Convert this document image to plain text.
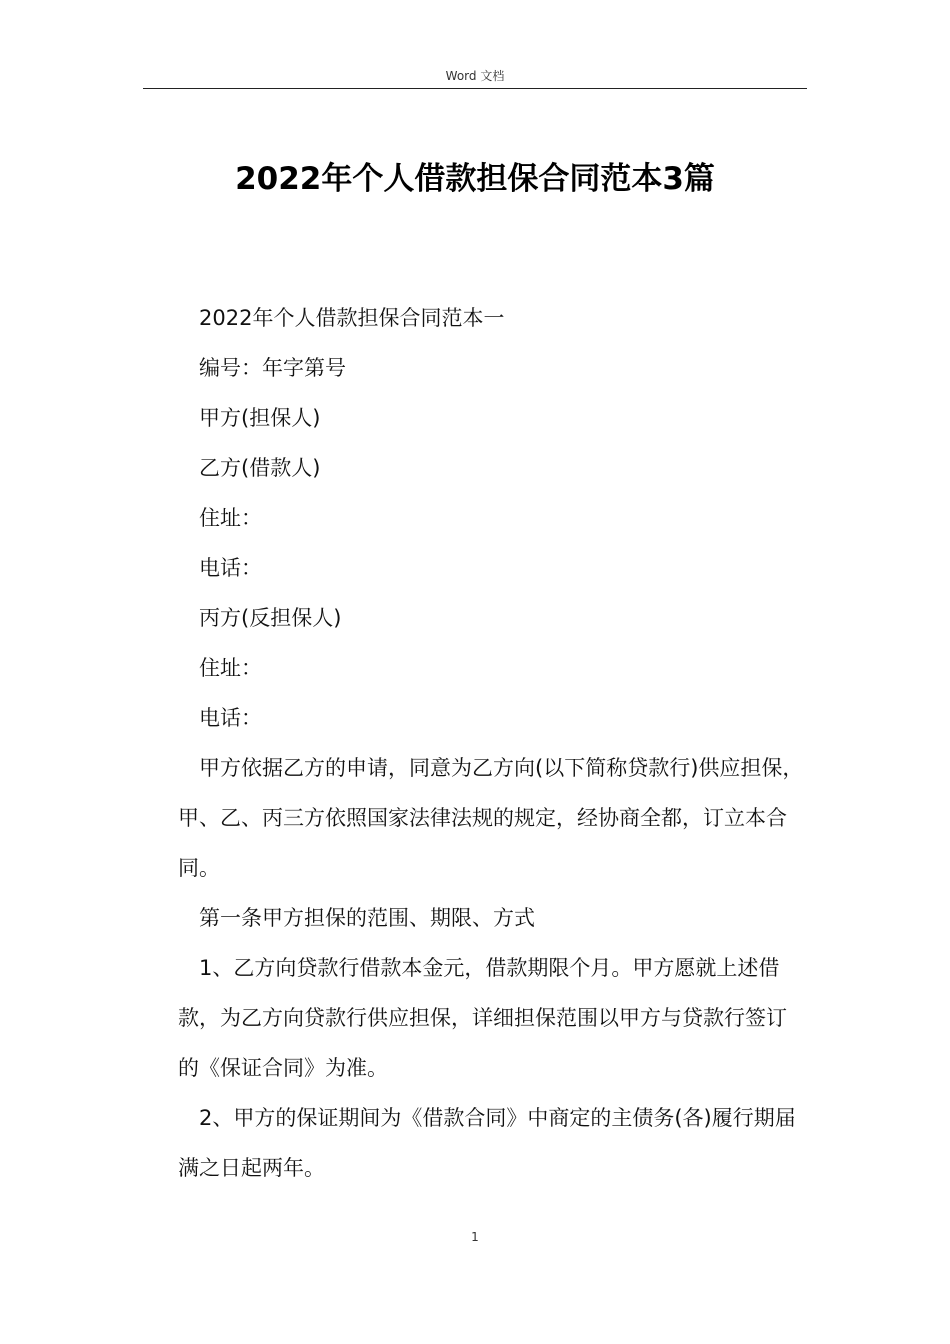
Word 文档
2022年个人借款担保合同范本3篇

2022年个人借款担保合同范本一

编号：年字第号

甲方(担保人)

乙方(借款人)

住址：

电话：

丙方(反担保人)

住址：

电话：

甲方依据乙方的申请，同意为乙方向(以下简称贷款行)供应担保，甲、乙、丙三方依照国家法律法规的规定，经协商全都，订立本合同。

第一条甲方担保的范围、期限、方式

1、乙方向贷款行借款本金元，借款期限个月。甲方愿就上述借款，为乙方向贷款行供应担保，详细担保范围以甲方与贷款行签订的《保证合同》为准。

2、甲方的保证期间为《借款合同》中商定的主债务(各)履行期届满之日起两年。

1
